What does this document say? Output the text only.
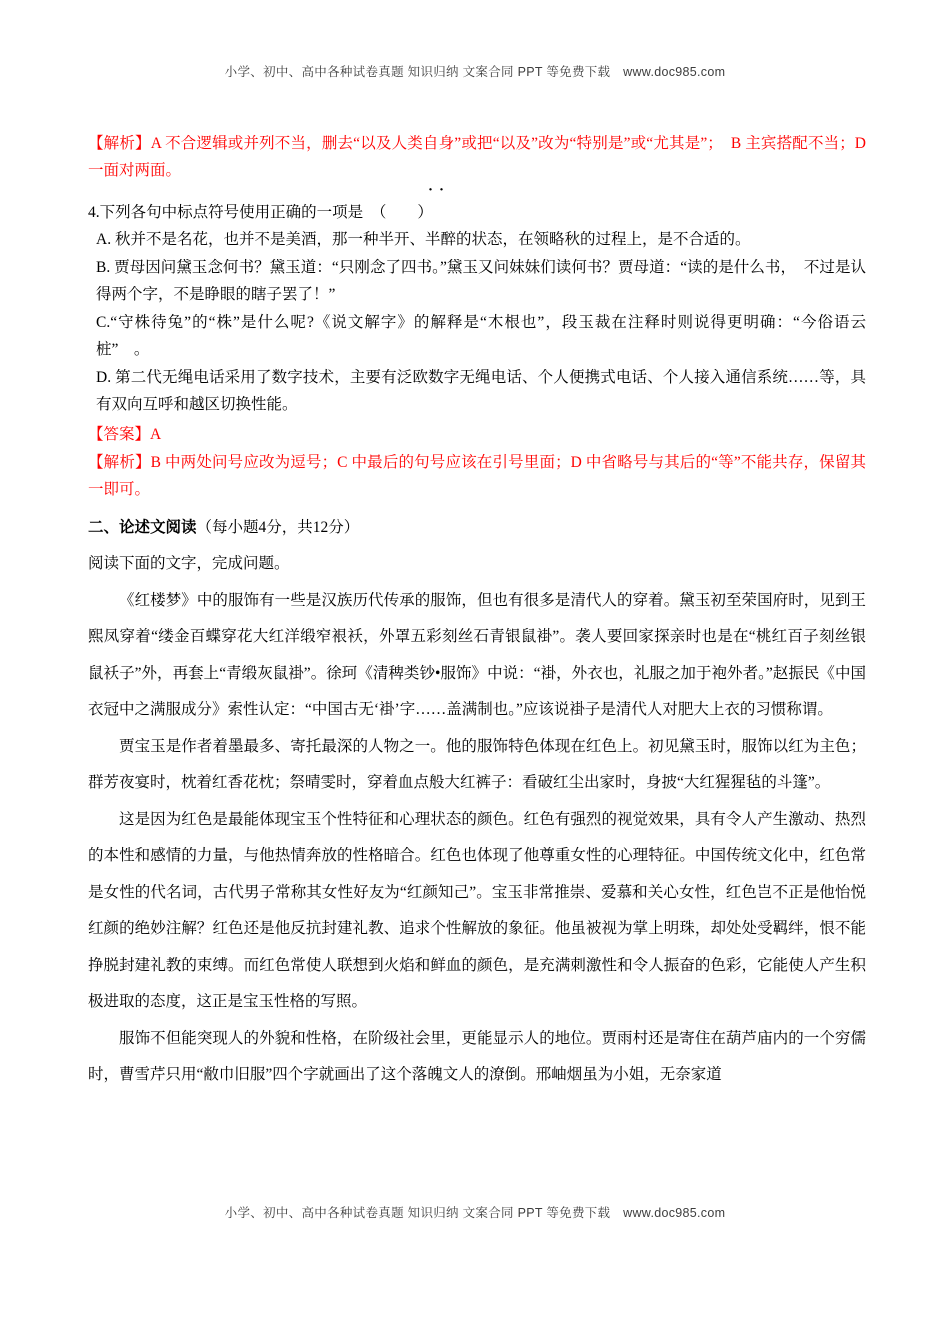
小学、初中、高中各种试卷真题 知识归纳 文案合同 PPT 等免费下载　www.doc985.com

【解析】A 不合逻辑或并列不当，删去“以及人类自身”或把“以及”改为“特别是”或“尤其是”；　B 主宾搭配不当；D 一面对两面。

··

4.下列各句中标点符号使用正确的一项是　（　　）

A. 秋并不是名花，也并不是美酒，那一种半开、半醉的状态，在领略秋的过程上，是不合适的。

B. 贾母因问黛玉念何书？黛玉道：“只刚念了四书。”黛玉又问妹妹们读何书？贾母道：“读的是什么书，　不过是认得两个字，不是睁眼的瞎子罢了！”

C.“守株待兔”的“株”是什么呢?《说文解字》的解释是“木根也”，段玉裁在注释时则说得更明确：“今俗语云桩”　。

D. 第二代无绳电话采用了数字技术，主要有泛欧数字无绳电话、个人便携式电话、个人接入通信系统……等，具有双向互呼和越区切换性能。

【答案】A

【解析】B 中两处问号应改为逗号；C 中最后的句号应该在引号里面；D 中省略号与其后的“等”不能共存，保留其一即可。

二、论述文阅读（每小题4分，共12分）

阅读下面的文字，完成问题。

《红楼梦》中的服饰有一些是汉族历代传承的服饰，但也有很多是清代人的穿着。黛玉初至荣国府时，见到王熙凤穿着“缕金百蝶穿花大红洋缎窄裉袄，外罩五彩刻丝石青银鼠褂”。袭人要回家探亲时也是在“桃红百子刻丝银鼠袄子”外，再套上“青缎灰鼠褂”。徐珂《清稗类钞•服饰》中说：“褂，外衣也，礼服之加于袍外者。”赵振民《中国衣冠中之满服成分》索性认定：“中国古无‘褂’字……盖满制也。”应该说褂子是清代人对肥大上衣的习惯称谓。

贾宝玉是作者着墨最多、寄托最深的人物之一。他的服饰特色体现在红色上。初见黛玉时，服饰以红为主色；群芳夜宴时，枕着红香花枕；祭晴雯时，穿着血点般大红裤子：看破红尘出家时，身披“大红猩猩毡的斗篷”。

这是因为红色是最能体现宝玉个性特征和心理状态的颜色。红色有强烈的视觉效果，具有令人产生激动、热烈的本性和感情的力量，与他热情奔放的性格暗合。红色也体现了他尊重女性的心理特征。中国传统文化中，红色常是女性的代名词，古代男子常称其女性好友为“红颜知己”。宝玉非常推崇、爱慕和关心女性，红色岂不正是他怡悦红颜的绝妙注解？红色还是他反抗封建礼教、追求个性解放的象征。他虽被视为掌上明珠，却处处受羁绊，恨不能挣脱封建礼教的束缚。而红色常使人联想到火焰和鲜血的颜色，是充满刺激性和令人振奋的色彩，它能使人产生积极进取的态度，这正是宝玉性格的写照。

服饰不但能突现人的外貌和性格，在阶级社会里，更能显示人的地位。贾雨村还是寄住在葫芦庙内的一个穷儒时，曹雪芹只用“敝巾旧服”四个字就画出了这个落魄文人的潦倒。邢岫烟虽为小姐，无奈家道

小学、初中、高中各种试卷真题 知识归纳 文案合同 PPT 等免费下载　www.doc985.com
